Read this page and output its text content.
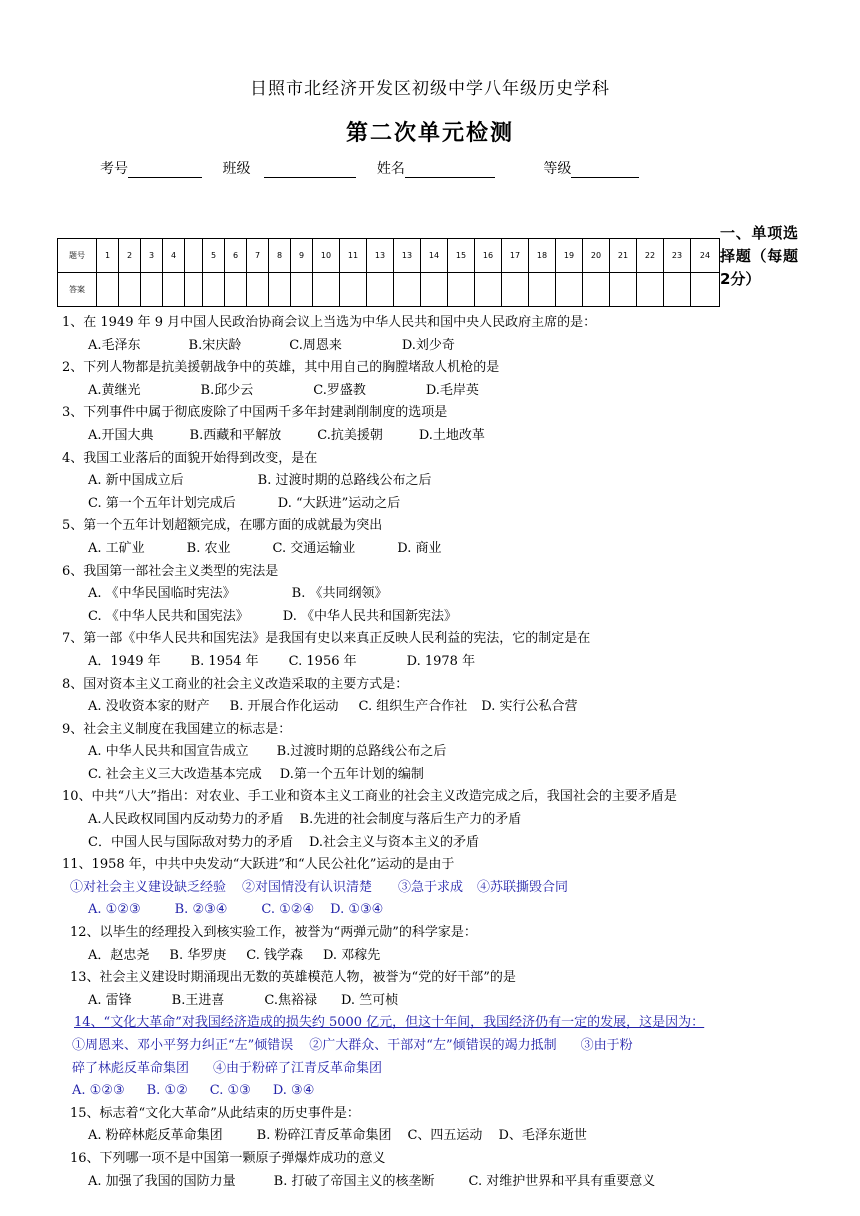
日照市北经济开发区初级中学八年级历史学科
第二次单元检测
考号	班级	姓名	等级
一、单项选择题（每题2分）
题号	1	2	3	4		5	6	7	8	9	10	11	13	13	14	15	16	17	18	19	20	21	22	23	24
答案																									
1、在 1949 年 9 月中国人民政治协商会议上当选为中华人民共和国中央人民政府主席的是：
A.毛泽东	B.宋庆龄	C.周恩来	D.刘少奇
2、下列人物都是抗美援朝战争中的英雄，其中用自己的胸膛堵敌人机枪的是
A.黄继光	B.邱少云	C.罗盛教	D.毛岸英
3、下列事件中属于彻底废除了中国两千多年封建剥削制度的选项是
A.开国大典	B.西藏和平解放	C.抗美援朝	D.土地改革
4、我国工业落后的面貌开始得到改变，是在
A. 新中国成立后	B. 过渡时期的总路线公布之后
C. 第一个五年计划完成后	D. “大跃进”运动之后
5、第一个五年计划超额完成，在哪方面的成就最为突出
A. 工矿业	B. 农业	C. 交通运输业	D. 商业
6、我国第一部社会主义类型的宪法是
A. 《中华民国临时宪法》	B. 《共同纲领》
C. 《中华人民共和国宪法》	D. 《中华人民共和国新宪法》
7、第一部《中华人民共和国宪法》是我国有史以来真正反映人民利益的宪法，它的制定是在
A．1949 年 B. 1954 年 C. 1956 年	D. 1978 年
8、国对资本主义工商业的社会主义改造采取的主要方式是：
A. 没收资本家的财产 B. 开展合作化运动 C. 组织生产合作社 D. 实行公私合营
9、社会主义制度在我国建立的标志是：
A. 中华人民共和国宣告成立 B.过渡时期的总路线公布之后
C. 社会主义三大改造基本完成 D.第一个五年计划的编制
10、中共“八大”指出：对农业、手工业和资本主义工商业的社会主义改造完成之后，我国社会的主要矛盾是
A.人民政权同国内反动势力的矛盾 B.先进的社会制度与落后生产力的矛盾
C．中国人民与国际敌对势力的矛盾 D.社会主义与资本主义的矛盾
11、1958 年，中共中央发动“大跃进”和“人民公社化”运动的是由于
①对社会主义建设缺乏经验 ②对国情没有认识清楚 ③急于求成 ④苏联撕毁合同
A. ①②③	B. ②③④	C. ①②④ D. ①③④
12、以毕生的经理投入到核实验工作，被誉为“两弹元勋”的科学家是：
A．赵忠尧 B. 华罗庚 C. 钱学森 D. 邓稼先
13、社会主义建设时期涌现出无数的英雄模范人物，被誉为“党的好干部”的是
A. 雷锋	B.王进喜	C.焦裕禄 D. 竺可桢
14、“文化大革命”对我国经济造成的损失约 5000 亿元，但这十年间，我国经济仍有一定的发展，这是因为：
①周恩来、邓小平努力纠正“左”倾错误 ②广大群众、干部对“左”倾错误的竭力抵制 ③由于粉
碎了林彪反革命集团 ④由于粉碎了江青反革命集团
A. ①②③ B. ①② C. ①③ D. ③④
15、标志着“文化大革命”从此结束的历史事件是：
A. 粉碎林彪反革命集团	B. 粉碎江青反革命集团 C、四五运动 D、毛泽东逝世
16、下列哪一项不是中国第一颗原子弹爆炸成功的意义
A. 加强了我国的国防力量	B. 打破了帝国主义的核垄断	C. 对维护世界和平具有重要意义
